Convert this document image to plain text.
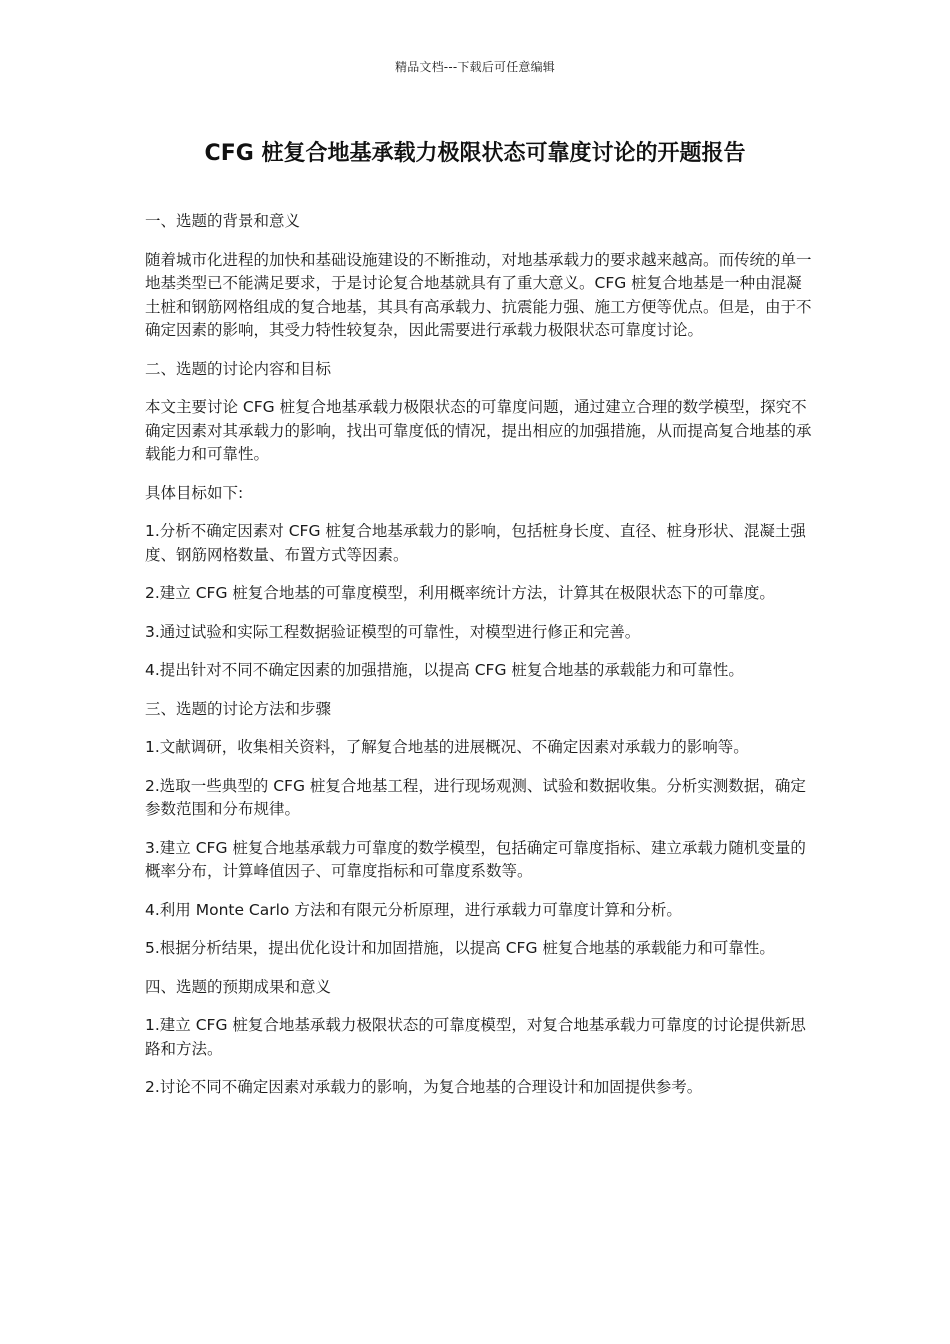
精品文档---下载后可任意编辑
CFG 桩复合地基承载力极限状态可靠度讨论的开题报告

一、选题的背景和意义

随着城市化进程的加快和基础设施建设的不断推动，对地基承载力的要求越来越高。而传统的单一地基类型已不能满足要求，于是讨论复合地基就具有了重大意义。CFG 桩复合地基是一种由混凝土桩和钢筋网格组成的复合地基，其具有高承载力、抗震能力强、施工方便等优点。但是，由于不确定因素的影响，其受力特性较复杂，因此需要进行承载力极限状态可靠度讨论。

二、选题的讨论内容和目标

本文主要讨论 CFG 桩复合地基承载力极限状态的可靠度问题，通过建立合理的数学模型，探究不确定因素对其承载力的影响，找出可靠度低的情况，提出相应的加强措施，从而提高复合地基的承载能力和可靠性。

具体目标如下:

1.分析不确定因素对 CFG 桩复合地基承载力的影响，包括桩身长度、直径、桩身形状、混凝土强度、钢筋网格数量、布置方式等因素。

2.建立 CFG 桩复合地基的可靠度模型，利用概率统计方法，计算其在极限状态下的可靠度。

3.通过试验和实际工程数据验证模型的可靠性，对模型进行修正和完善。

4.提出针对不同不确定因素的加强措施，以提高 CFG 桩复合地基的承载能力和可靠性。

三、选题的讨论方法和步骤

1.文献调研，收集相关资料，了解复合地基的进展概况、不确定因素对承载力的影响等。

2.选取一些典型的 CFG 桩复合地基工程，进行现场观测、试验和数据收集。分析实测数据，确定参数范围和分布规律。

3.建立 CFG 桩复合地基承载力可靠度的数学模型，包括确定可靠度指标、建立承载力随机变量的概率分布，计算峰值因子、可靠度指标和可靠度系数等。

4.利用 Monte Carlo 方法和有限元分析原理，进行承载力可靠度计算和分析。

5.根据分析结果，提出优化设计和加固措施，以提高 CFG 桩复合地基的承载能力和可靠性。

四、选题的预期成果和意义

1.建立 CFG 桩复合地基承载力极限状态的可靠度模型，对复合地基承载力可靠度的讨论提供新思路和方法。

2.讨论不同不确定因素对承载力的影响，为复合地基的合理设计和加固提供参考。
